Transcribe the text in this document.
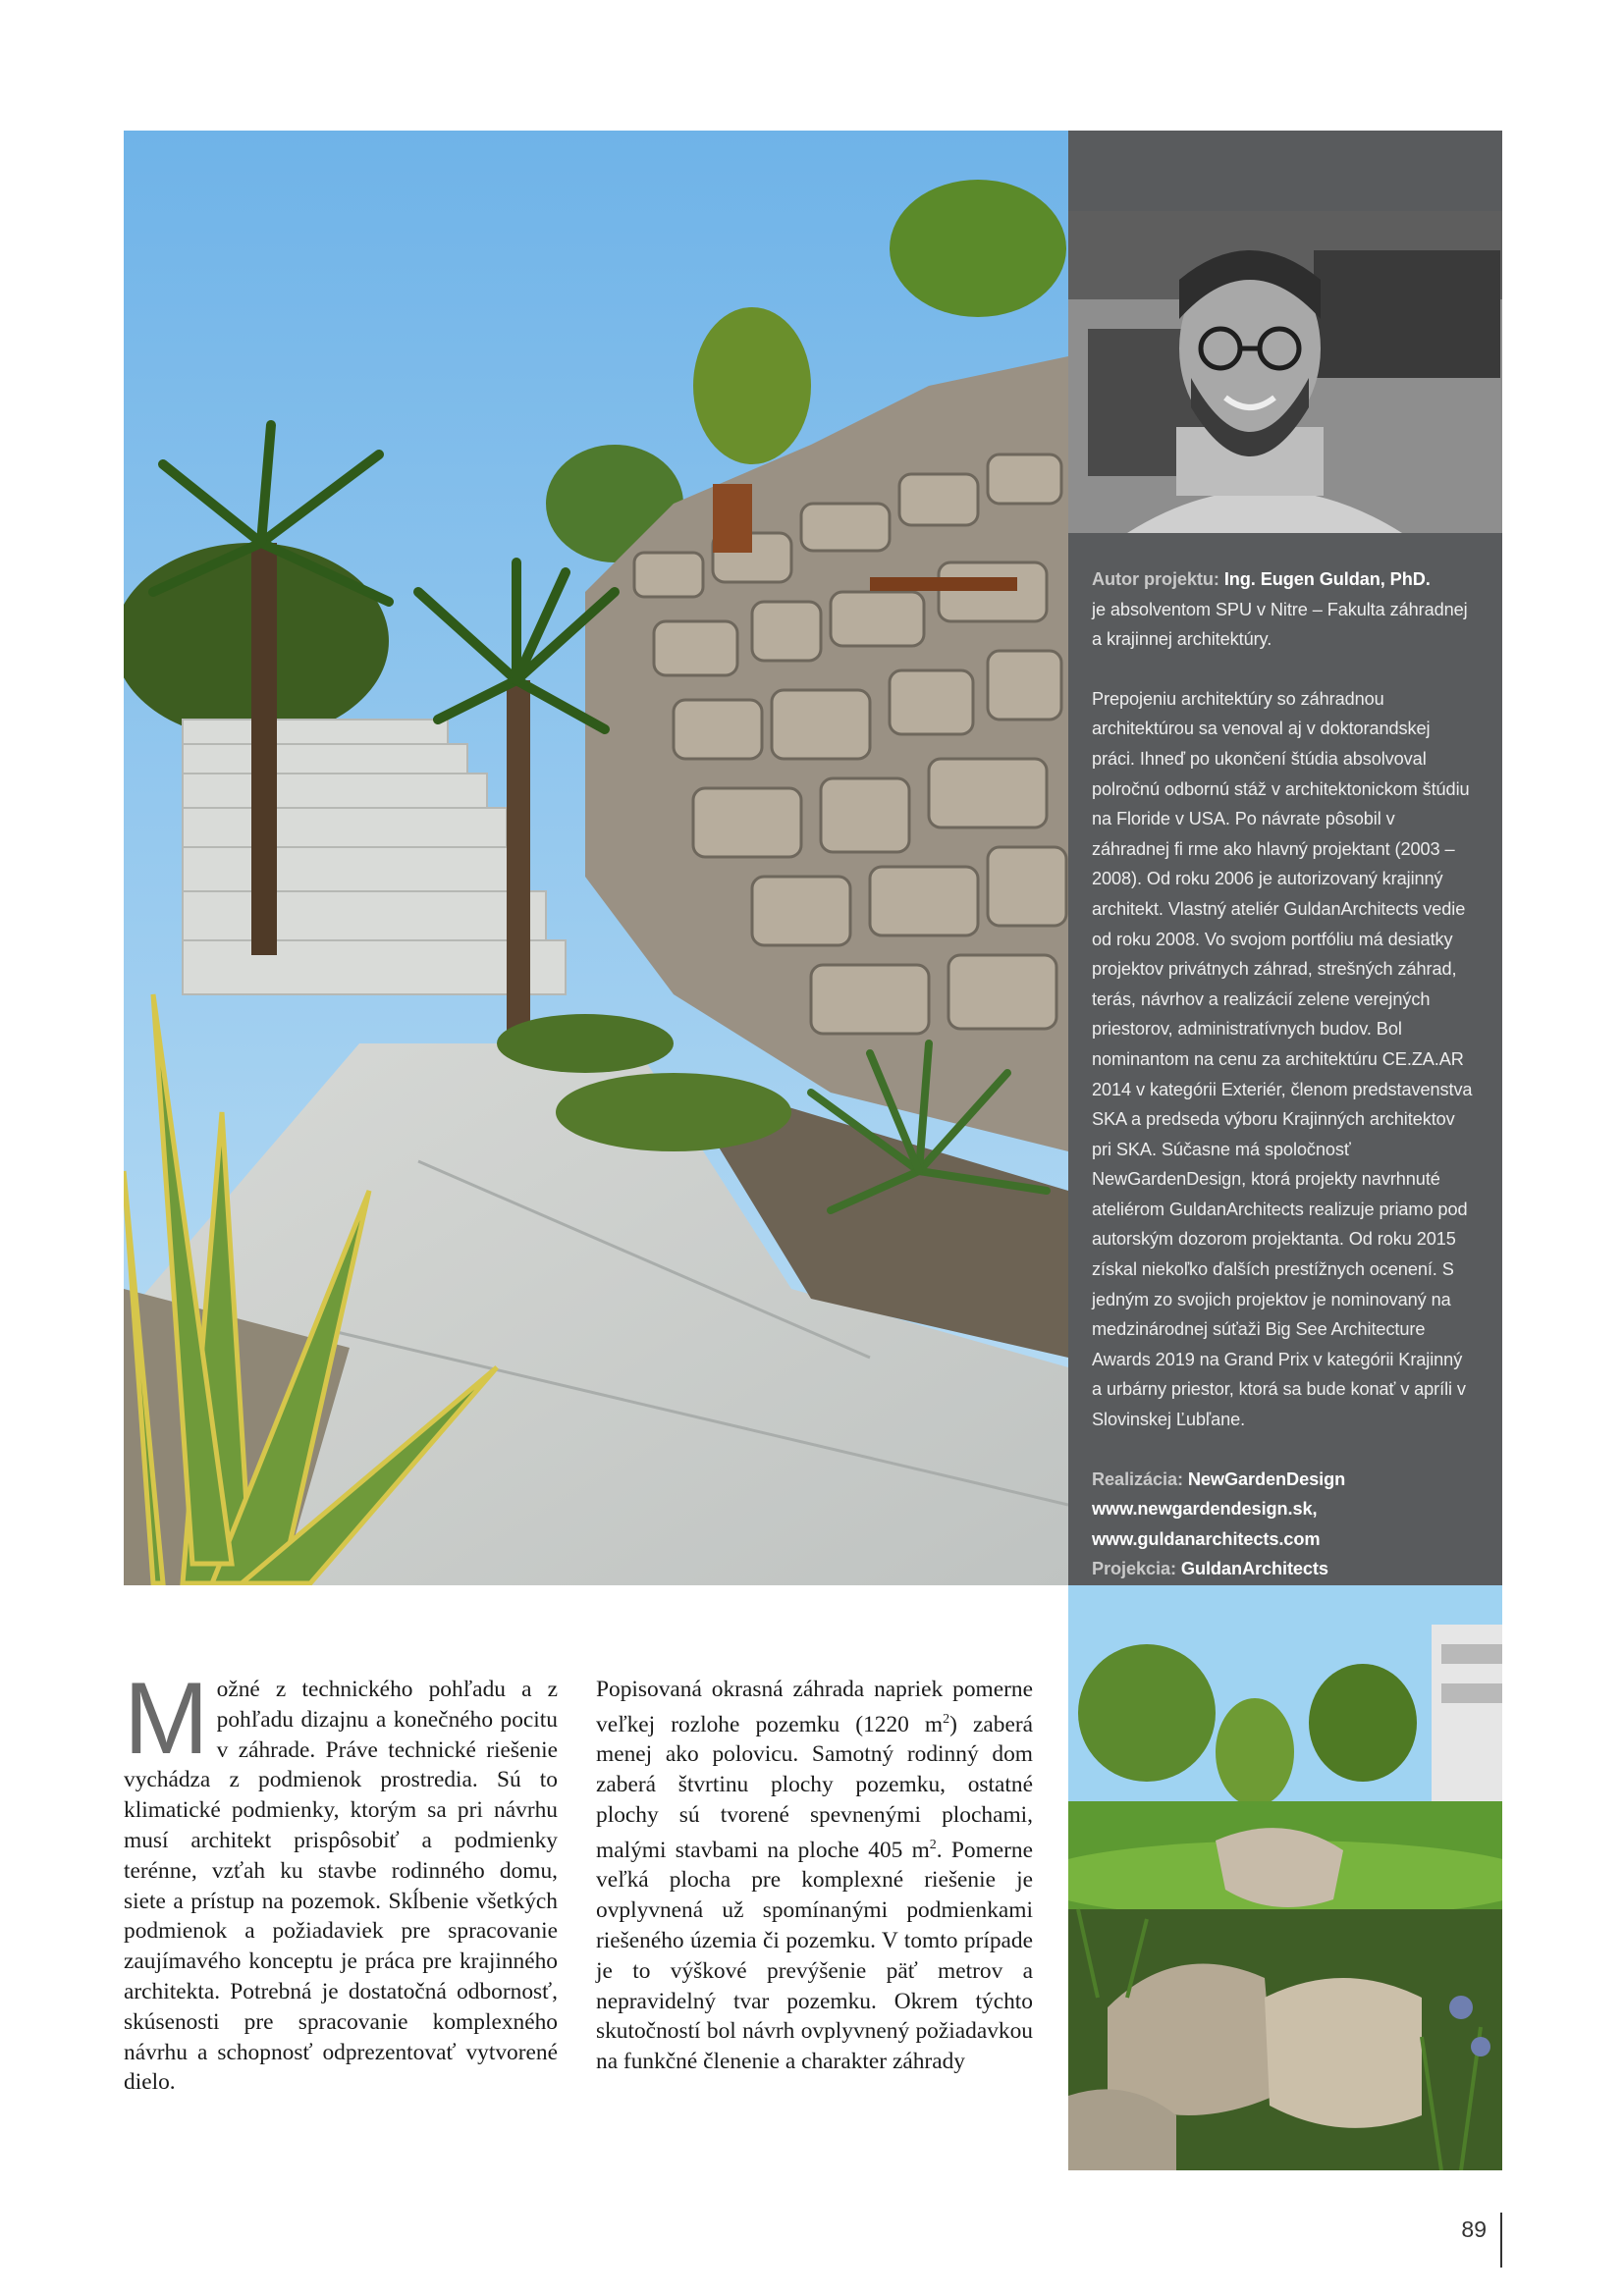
Autor projektu: Ing. Eugen Guldan, PhD.

je absolventom SPU v Nitre – Fakulta záhradnej a krajinnej architektúry.

Prepojeniu architektúry so záhradnou architektúrou sa venoval aj v doktorandskej práci. Ihneď po ukončení štúdia absolvoval polročnú odbornú stáž v architektonickom štúdiu na Floride v USA. Po návrate pôsobil v záhradnej fi rme ako hlavný projektant (2003 – 2008). Od roku 2006 je autorizovaný krajinný architekt. Vlastný ateliér GuldanArchitects vedie od roku 2008. Vo svojom portfóliu má desiatky projektov privátnych záhrad, strešných záhrad, terás, návrhov a realizácií zelene verejných priestorov, administratívnych budov. Bol nominantom na cenu za architektúru CE.ZA.AR 2014 v kategórii Exteriér, členom predstavenstva SKA a predseda výboru Krajinných architektov pri SKA. Súčasne má spoločnosť NewGardenDesign, ktorá projekty navrhnuté ateliérom GuldanArchitects realizuje priamo pod autorským dozorom projektanta. Od roku 2015 získal niekoľko ďalších prestížnych ocenení. S jedným zo svojich projektov je nominovaný na medzinárodnej súťaži Big See Architecture Awards 2019 na Grand Prix v kategórii Krajinný a urbárny priestor, ktorá sa bude konať v apríli v Slovinskej Ľubľane.

Realizácia: NewGardenDesign

www.newgardendesign.sk,

www.guldanarchitects.com

Projekcia: GuldanArchitects

Možné z technického pohľadu a z pohľadu dizajnu a konečného pocitu v záhrade. Práve technické riešenie vychádza z podmienok prostredia. Sú to klimatické podmienky, ktorým sa pri návrhu musí architekt prispôsobiť a podmienky terénne, vzťah ku stavbe rodinného domu, siete a prístup na pozemok. Skĺbenie všetkých podmienok a požiadaviek pre spracovanie zaujímavého konceptu je práca pre krajinného architekta. Potrebná je dostatočná odbornosť, skúsenosti pre spracovanie komplexného návrhu a schopnosť odprezentovať vytvorené dielo.

Popisovaná okrasná záhrada napriek pomerne veľkej rozlohe pozemku (1220 $m^2$) zaberá menej ako polovicu. Samotný rodinný dom zaberá štvrtinu plochy pozemku, ostatné plochy sú tvorené spevnenými plochami, malými stavbami na ploche 405 $m^2$. Pomerne veľká plocha pre komplexné riešenie je ovplyvnená už spomínanými podmienkami riešeného územia či pozemku. V tomto prípade je to výškové prevýšenie päť metrov a nepravidelný tvar pozemku. Okrem týchto skutočností bol návrh ovplyvnený požiadavkou na funkčné členenie a charakter záhrady

89
